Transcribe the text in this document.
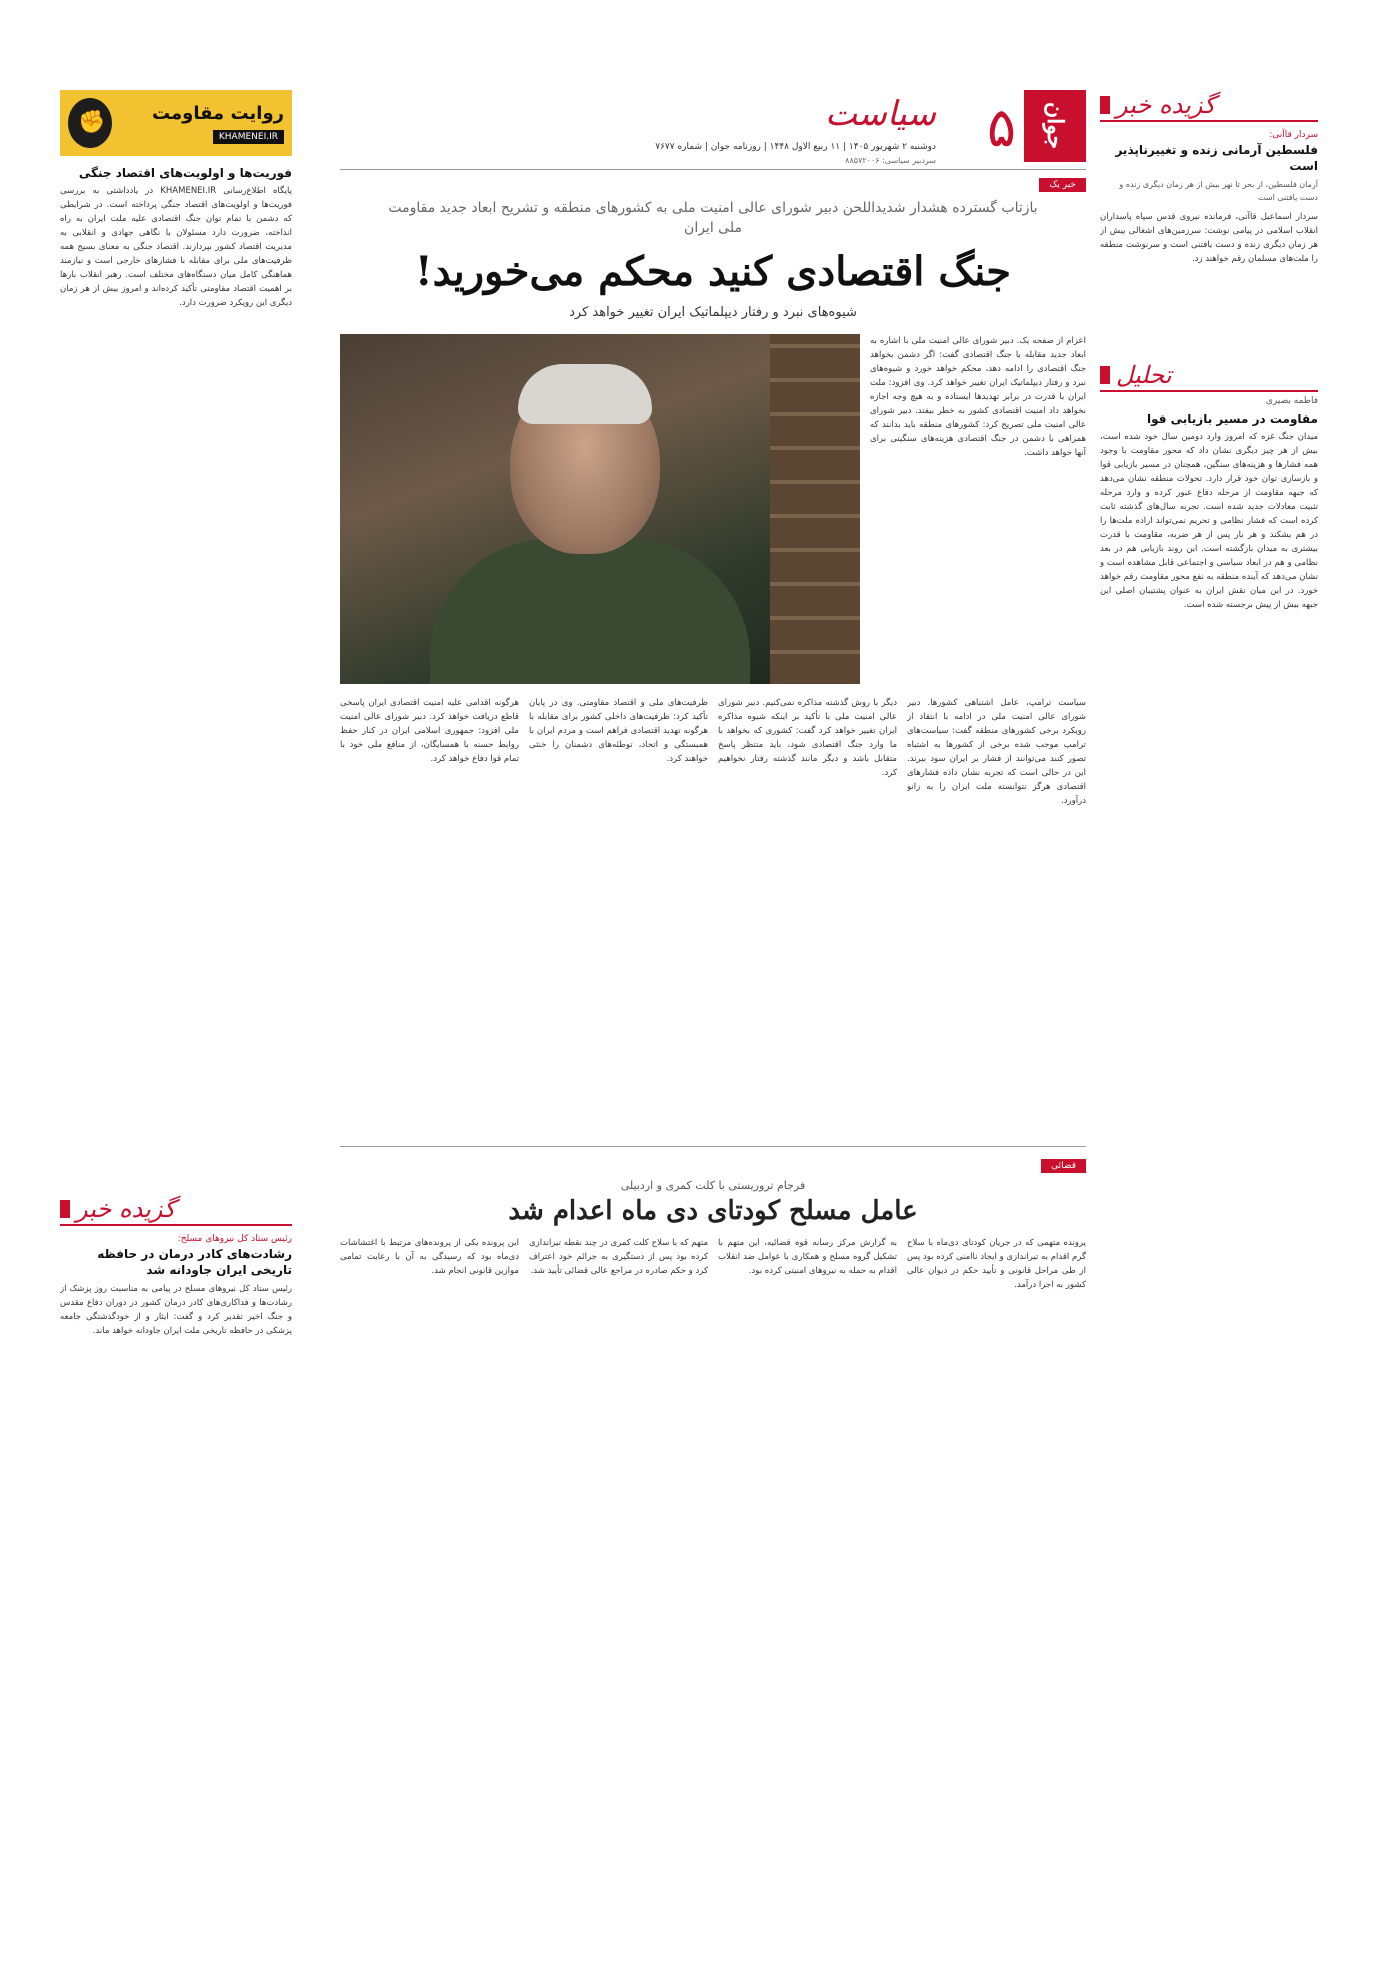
گزیده خبر
سردار قاآنی:
فلسطین آرمانی زنده و تغییرناپذیر است
آرمان فلسطین، از بحر تا نهر بیش از هر زمان دیگری زنده و دست یافتنی است
سردار اسماعیل قاآنی، فرمانده نیروی قدس سپاه پاسداران انقلاب اسلامی در پیامی نوشت: سرزمین‌های اشغالی بیش از هر زمان دیگری زنده و دست یافتنی است و سرنوشت منطقه را ملت‌های مسلمان رقم خواهند زد.
تحلیل
فاطمه بصیری
مقاومت در مسیر بازیابی قوا
میدان جنگ غزه که امروز وارد دومین سال خود شده است، بیش از هر چیز دیگری نشان داد که محور مقاومت با وجود همه فشارها و هزینه‌های سنگین، همچنان در مسیر بازیابی قوا و بازسازی توان خود قرار دارد. تحولات منطقه نشان می‌دهد که جبهه مقاومت از مرحله دفاع عبور کرده و وارد مرحله تثبیت معادلات جدید شده است. تجربه سال‌های گذشته ثابت کرده است که فشار نظامی و تحریم نمی‌تواند اراده ملت‌ها را در هم بشکند و هر بار پس از هر ضربه، مقاومت با قدرت بیشتری به میدان بازگشته است. این روند بازیابی هم در بعد نظامی و هم در ابعاد سیاسی و اجتماعی قابل مشاهده است و نشان می‌دهد که آینده منطقه به نفع محور مقاومت رقم خواهد خورد. در این میان نقش ایران به عنوان پشتیبان اصلی این جبهه بیش از پیش برجسته شده است.
جوان
۵
سیاست
دوشنبه ۲ شهریور ۱۴۰۵ | ۱۱ ربیع الاول ۱۴۴۸ | روزنامه جوان | شماره ۷۶۷۷
سردبیر سیاسی: ۸۸۵۷۲۰۰۶
خبر یک
بازتاب گسترده هشدار شدیداللحن دبیر شورای عالی امنیت ملی به کشورهای منطقه و تشریح ابعاد جدید مقاومت ملی ایران
جنگ اقتصادی کنید محکم می‌خورید!
شیوه‌های نبرد و رفتار دیپلماتیک ایران تغییر خواهد کرد
اعزام از صفحه یک. دبیر شورای عالی امنیت ملی با اشاره به ابعاد جدید مقابله با جنگ اقتصادی گفت: اگر دشمن بخواهد جنگ اقتصادی را ادامه دهد، محکم خواهد خورد و شیوه‌های نبرد و رفتار دیپلماتیک ایران تغییر خواهد کرد. وی افزود: ملت ایران با قدرت در برابر تهدیدها ایستاده و به هیچ وجه اجازه نخواهد داد امنیت اقتصادی کشور به خطر بیفتد. دبیر شورای عالی امنیت ملی تصریح کرد: کشورهای منطقه باید بدانند که همراهی با دشمن در جنگ اقتصادی هزینه‌های سنگینی برای آنها خواهد داشت.
سیاست ترامپ، عامل اشتباهی کشورها. دبیر شورای عالی امنیت ملی در ادامه با انتقاد از رویکرد برخی کشورهای منطقه گفت: سیاست‌های ترامپ موجب شده برخی از کشورها به اشتباه تصور کنند می‌توانند از فشار بر ایران سود ببرند. این در حالی است که تجربه نشان داده فشارهای اقتصادی هرگز نتوانسته ملت ایران را به زانو درآورد.
دیگر با روش گذشته مذاکره نمی‌کنیم. دبیر شورای عالی امنیت ملی با تأکید بر اینکه شیوه مذاکره ایران تغییر خواهد کرد گفت: کشوری که بخواهد با ما وارد جنگ اقتصادی شود، باید منتظر پاسخ متقابل باشد و دیگر مانند گذشته رفتار نخواهیم کرد.
ظرفیت‌های ملی و اقتصاد مقاومتی. وی در پایان تأکید کرد: ظرفیت‌های داخلی کشور برای مقابله با هرگونه تهدید اقتصادی فراهم است و مردم ایران با همبستگی و اتحاد، توطئه‌های دشمنان را خنثی خواهند کرد.
هرگونه اقدامی علیه امنیت اقتصادی ایران پاسخی قاطع دریافت خواهد کرد. دبیر شورای عالی امنیت ملی افزود: جمهوری اسلامی ایران در کنار حفظ روابط حسنه با همسایگان، از منافع ملی خود با تمام قوا دفاع خواهد کرد.
قضائی
فرجام تروریستی با کلت کمری و اردبیلی
عامل مسلح کودتای دی ماه اعدام شد
پرونده متهمی که در جریان کودتای دی‌ماه با سلاح گرم اقدام به تیراندازی و ایجاد ناامنی کرده بود پس از طی مراحل قانونی و تأیید حکم در دیوان عالی کشور به اجرا درآمد.
به گزارش مرکز رسانه قوه قضائیه، این متهم با تشکیل گروه مسلح و همکاری با عوامل ضد انقلاب اقدام به حمله به نیروهای امنیتی کرده بود.
متهم که با سلاح کلت کمری در چند نقطه تیراندازی کرده بود پس از دستگیری به جرائم خود اعتراف کرد و حکم صادره در مراجع عالی قضائی تأیید شد.
این پرونده یکی از پرونده‌های مرتبط با اغتشاشات دی‌ماه بود که رسیدگی به آن با رعایت تمامی موازین قانونی انجام شد.
روایت مقاومت
KHAMENEI.IR
✊
فوریت‌ها و اولویت‌های اقتصاد جنگی
پایگاه اطلاع‌رسانی KHAMENEI.IR در یادداشتی به بررسی فوریت‌ها و اولویت‌های اقتصاد جنگی پرداخته است. در شرایطی که دشمن با تمام توان جنگ اقتصادی علیه ملت ایران به راه انداخته، ضرورت دارد مسئولان با نگاهی جهادی و انقلابی به مدیریت اقتصاد کشور بپردازند. اقتصاد جنگی به معنای بسیج همه ظرفیت‌های ملی برای مقابله با فشارهای خارجی است و نیازمند هماهنگی کامل میان دستگاه‌های مختلف است. رهبر انقلاب بارها بر اهمیت اقتصاد مقاومتی تأکید کرده‌اند و امروز بیش از هر زمان دیگری این رویکرد ضرورت دارد.
گزیده خبر
رئیس ستاد کل نیروهای مسلح:
رشادت‌های کادر درمان در حافظه تاریخی ایران جاودانه شد
رئیس ستاد کل نیروهای مسلح در پیامی به مناسبت روز پزشک از رشادت‌ها و فداکاری‌های کادر درمان کشور در دوران دفاع مقدس و جنگ اخیر تقدیر کرد و گفت: ایثار و از خودگذشتگی جامعه پزشکی در حافظه تاریخی ملت ایران جاودانه خواهد ماند.
